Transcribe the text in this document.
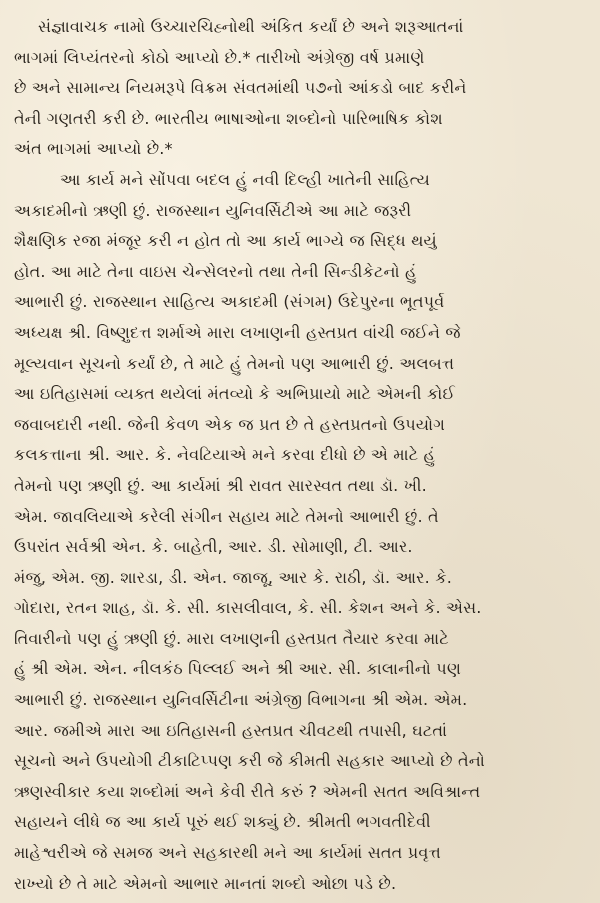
સંજ્ઞાવાચક નામો ઉચ્ચારચિહ્નોથી અંકિત કર્યાં છે અને શરૂઆતનાં
ભાગમાં લિપ્યંતરનો કોઠો આપ્યો છે.* તારીખો અંગ્રેજી વર્ષ પ્રમાણે
છે અને સામાન્ય નિયમરૂપે વિક્રમ સંવતમાંથી ૫૭નો આંકડો બાદ કરીને
તેની ગણતરી કરી છે. ભારતીય ભાષાઓના શબ્દોનો પારિભાષિક કોશ
અંત ભાગમાં આપ્યો છે.*
આ કાર્ય મને સોંપવા બદલ હું નવી દિલ્હી ખાતેની સાહિત્ય
અકાદમીનો ઋણી છું. રાજસ્થાન યુનિવર્સિટીએ આ માટે જરૂરી
શૈક્ષણિક રજા મંજૂર કરી ન હોત તો આ કાર્ય ભાગ્યે જ સિદ્ધ થયું
હોત. આ માટે તેના વાઇસ ચેન્સેલરનો તથા તેની સિન્ડીકેટનો હું
આભારી છું. રાજસ્થાન સાહિત્ય અકાદમી (સંગમ) ઉદેપુરના ભૂતપૂર્વ
અધ્યક્ષ શ્રી. વિષ્ણુદત્ત શર્માએ મારા લખાણની હસ્તપ્રત વાંચી જઈને જે
મૂલ્યવાન સૂચનો કર્યાં છે, તે માટે હું તેમનો પણ આભારી છું. અલબત્ત
આ ઇતિહાસમાં વ્યક્ત થયેલાં મંતવ્યો કે અભિપ્રાયો માટે એમની કોઈ
જવાબદારી નથી. જેની કેવળ એક જ પ્રત છે તે હસ્તપ્રતનો ઉપયોગ
કલકત્તાના શ્રી. આર. કે. નેવટિયાએ મને કરવા દીધો છે એ માટે હું
તેમનો પણ ઋણી છું. આ કાર્યમાં શ્રી રાવત સારસ્વત તથા ડૉ. ખી.
એમ. જાવલિયાએ કરેલી સંગીન સહાય માટે તેમનો આભારી છું. તે
ઉપરાંત સર્વશ્રી એન. કે. બાહેતી, આર. ડી. સોમાણી, ટી. આર.
મંજુ, એમ. જી. શારડા, ડી. એન. જાજૂ, આર કે. રાઠી, ડૉ. આર. કે.
ગોદારા, રતન શાહ, ડૉ. કે. સી. કાસલીવાલ, કે. સી. કેશન અને કે. એસ.
તિવારીનો પણ હું ઋણી છું. મારા લખાણની હસ્તપ્રત તૈયાર કરવા માટે
હું શ્રી એમ. એન. નીલકંઠ પિલ્લઈ અને શ્રી આર. સી. કાલાનીનો પણ
આભારી છું. રાજસ્થાન યુનિવર્સિટીના અંગ્રેજી વિભાગના શ્રી એમ. એમ.
આર. જમીએ મારા આ ઇતિહાસની હસ્તપ્રત ચીવટથી તપાસી, ઘટતાં
સૂચનો અને ઉપયોગી ટીકાટિપ્પણ કરી જે કીમતી સહકાર આપ્યો છે તેનો
ઋણસ્વીકાર કયા શબ્દોમાં અને કેવી રીતે કરું ? એમની સતત અવિશ્રાન્ત
સહાયને લીધે જ આ કાર્ય પૂરું થઈ શક્યું છે. શ્રીમતી ભગવતીદેવી
માહેશ્વરીએ જે સમજ અને સહકારથી મને આ કાર્યમાં સતત પ્રવૃત્ત
રાખ્યો છે તે માટે એમનો આભાર માનતાં શબ્દો ઓછા પડે છે.
